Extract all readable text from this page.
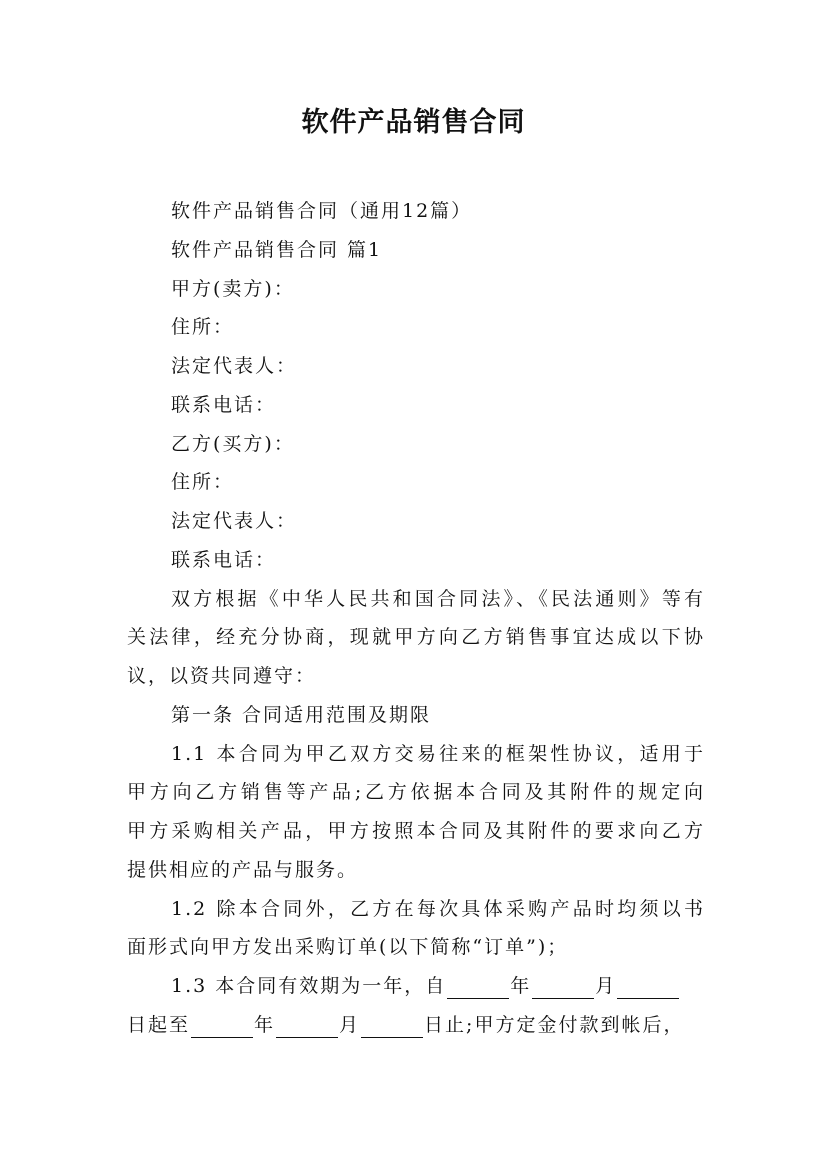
软件产品销售合同
软件产品销售合同（通用12篇）
软件产品销售合同 篇1
甲方(卖方)：
住所：
法定代表人：
联系电话：
乙方(买方)：
住所：
法定代表人：
联系电话：
双方根据《中华人民共和国合同法》、《民法通则》等有
关法律，经充分协商，现就甲方向乙方销售事宜达成以下协
议，以资共同遵守：
第一条 合同适用范围及期限
1.1 本合同为甲乙双方交易往来的框架性协议，适用于
甲方向乙方销售等产品;乙方依据本合同及其附件的规定向
甲方采购相关产品，甲方按照本合同及其附件的要求向乙方
提供相应的产品与服务。
1.2 除本合同外，乙方在每次具体采购产品时均须以书
面形式向甲方发出采购订单(以下简称“订单”)；
1.3 本合同有效期为一年，自	年	月
日起至	年	月	日止;甲方定金付款到帐后，
